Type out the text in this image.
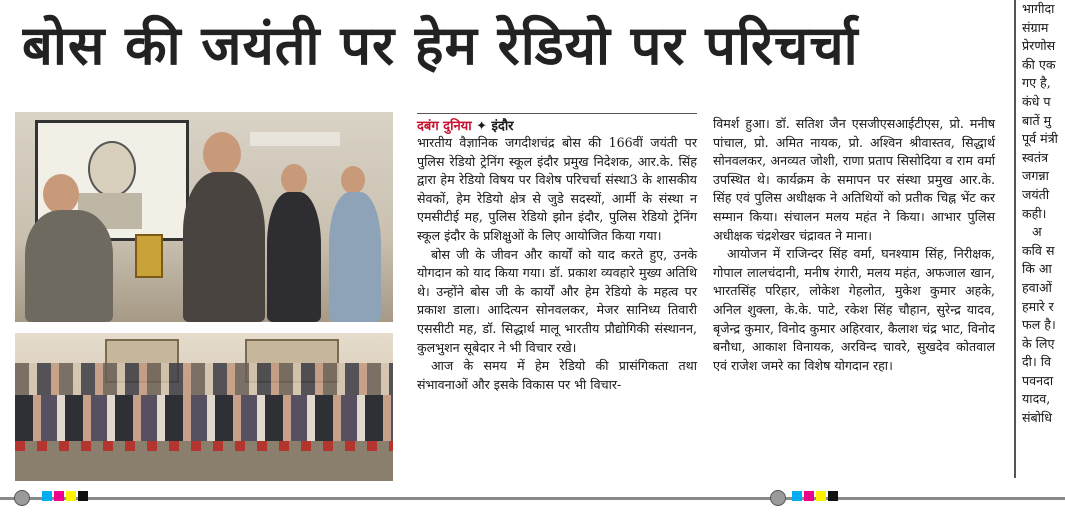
बोस की जयंती पर हेम रेडियो पर परिचर्चा
दबंग दुनिया ✦ इंदौर

भारतीय वैज्ञानिक जगदीशचंद्र बोस की 166वीं जयंती पर पुलिस रेडियो ट्रेनिंग स्कूल इंदौर प्रमुख निदेशक, आर.के. सिंह द्वारा हेम रेडियो विषय पर विशेष परिचर्चा संस्था3 के शासकीय सेवकों, हेम रेडियो क्षेत्र से जुडे सदस्यों, आर्मी के संस्था न एमसीटीई मह, पुलिस रेडियो झोन इंदौर, पुलिस रेडियो ट्रेनिंग स्कूल इंदौर के प्रशिक्षुओं के लिए आयोजित किया गया।

बोस जी के जीवन और कार्यों को याद करते हुए, उनके योगदान को याद किया गया। डॉ. प्रकाश व्यवहारे मुख्य अतिथि थे। उन्होंने बोस जी के कार्यों और हेम रेडियो के महत्व पर प्रकाश डाला। आदित्यन सोनवलकर, मेजर सानिध्य तिवारी एससीटी मह, डॉ. सिद्धार्थ मालू भारतीय प्रौद्योगिकी संस्थानन, कुलभुशन सूबेदार ने भी विचार रखे।

आज के समय में हेम रेडियो की प्रासंगिकता तथा संभावनाओं और इसके विकास पर भी विचार-

विमर्श हुआ। डॉ. सतिश जैन एसजीएसआईटीएस, प्रो. मनीष पांचाल, प्रो. अमित नायक, प्रो. अश्विन श्रीवास्तव, सिद्धार्थ सोनवलकर, अनव्यत जोशी, राणा प्रताप सिसोदिया व राम वर्मा उपस्थित थे। कार्यक्रम के समापन पर संस्था प्रमुख आर.के. सिंह एवं पुलिस अधीक्षक ने अतिथियों को प्रतीक चिह्न भेंट कर सम्मान किया। संचालन मलय महंत ने किया। आभार पुलिस अधीक्षक चंद्रशेखर चंद्रावत ने माना।

आयोजन में राजिन्दर सिंह वर्मा, घनश्याम सिंह, निरीक्षक, गोपाल लालचंदानी, मनीष रंगारी, मलय महंत, अफजाल खान, भारतसिंह परिहार, लोकेश गेहलोत, मुकेश कुमार अहके, अनिल शुक्ला, के.के. पाटे, रकेश सिंह चौहान, सुरेन्द्र यादव, बृजेन्द्र कुमार, विनोद कुमार अहिरवार, कैलाश चंद्र भाट, विनोद बनौधा, आकाश विनायक, अरविन्द चावरे, सुखदेव कोतवाल एवं राजेश जमरे का विशेष योगदान रहा।

भागीदा
संग्राम
प्रेरणोस
की एक
गए है,
कंधे प
बातें मु
पूर्व मंत्री
स्वतंत्र
जगन्ना
जयंती
कही।
अ
कवि स
कि आ
हवाओं
हमारे र
फल है।
के लिए
दी। वि
पवनदा
यादव,
संबोधि
